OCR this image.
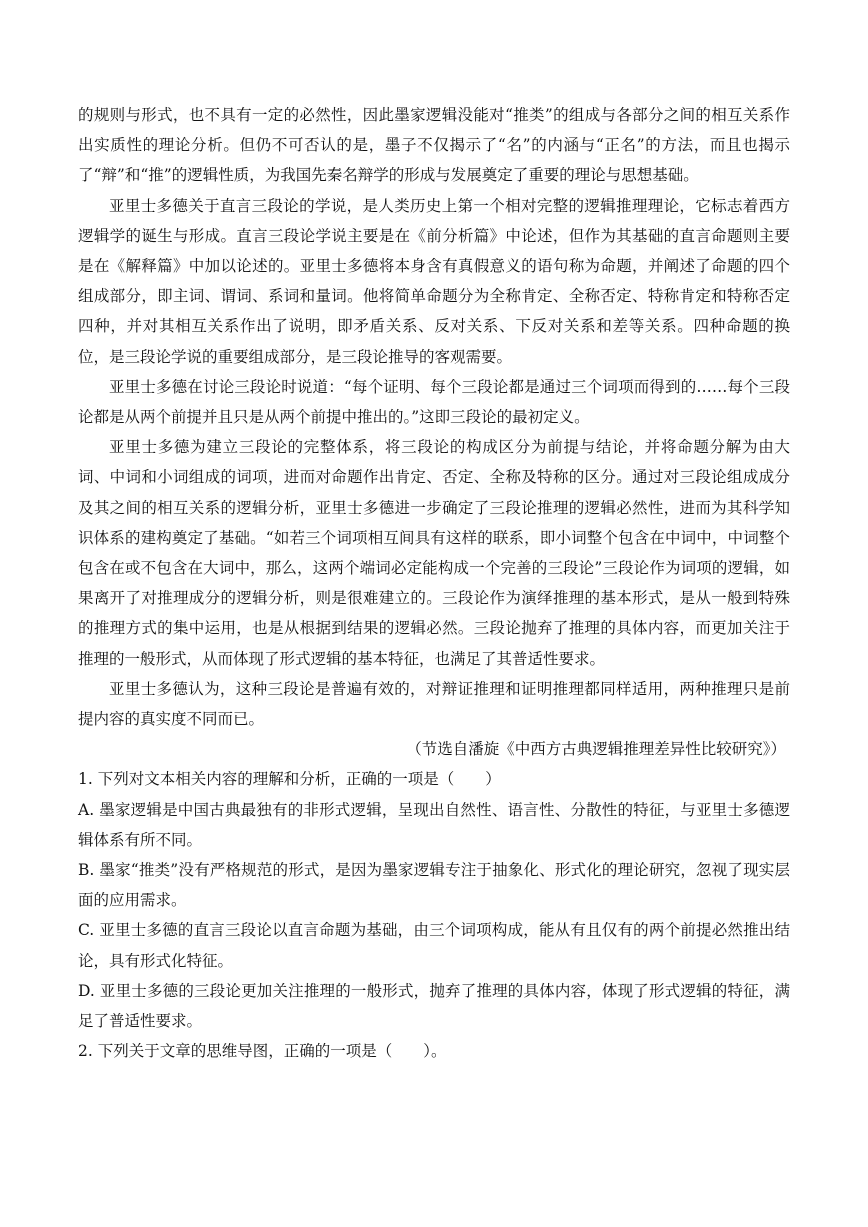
的规则与形式，也不具有一定的必然性，因此墨家逻辑没能对“推类”的组成与各部分之间的相互关系作出实质性的理论分析。但仍不可否认的是，墨子不仅揭示了“名”的内涵与“正名”的方法，而且也揭示了“辩”和“推”的逻辑性质，为我国先秦名辩学的形成与发展奠定了重要的理论与思想基础。

亚里士多德关于直言三段论的学说，是人类历史上第一个相对完整的逻辑推理理论，它标志着西方逻辑学的诞生与形成。直言三段论学说主要是在《前分析篇》中论述，但作为其基础的直言命题则主要是在《解释篇》中加以论述的。亚里士多德将本身含有真假意义的语句称为命题，并阐述了命题的四个组成部分，即主词、谓词、系词和量词。他将简单命题分为全称肯定、全称否定、特称肯定和特称否定四种，并对其相互关系作出了说明，即矛盾关系、反对关系、下反对关系和差等关系。四种命题的换位，是三段论学说的重要组成部分，是三段论推导的客观需要。

亚里士多德在讨论三段论时说道：“每个证明、每个三段论都是通过三个词项而得到的……每个三段论都是从两个前提并且只是从两个前提中推出的。”这即三段论的最初定义。

亚里士多德为建立三段论的完整体系，将三段论的构成区分为前提与结论，并将命题分解为由大词、中词和小词组成的词项，进而对命题作出肯定、否定、全称及特称的区分。通过对三段论组成成分及其之间的相互关系的逻辑分析，亚里士多德进一步确定了三段论推理的逻辑必然性，进而为其科学知识体系的建构奠定了基础。“如若三个词项相互间具有这样的联系，即小词整个包含在中词中，中词整个包含在或不包含在大词中，那么，这两个端词必定能构成一个完善的三段论”三段论作为词项的逻辑，如果离开了对推理成分的逻辑分析，则是很难建立的。三段论作为演绎推理的基本形式，是从一般到特殊的推理方式的集中运用，也是从根据到结果的逻辑必然。三段论抛弃了推理的具体内容，而更加关注于推理的一般形式，从而体现了形式逻辑的基本特征，也满足了其普适性要求。

亚里士多德认为，这种三段论是普遍有效的，对辩证推理和证明推理都同样适用，两种推理只是前提内容的真实度不同而已。

（节选自潘旋《中西方古典逻辑推理差异性比较研究》）

1. 下列对文本相关内容的理解和分析，正确的一项是（　　）

A. 墨家逻辑是中国古典最独有的非形式逻辑，呈现出自然性、语言性、分散性的特征，与亚里士多德逻辑体系有所不同。

B. 墨家“推类”没有严格规范的形式，是因为墨家逻辑专注于抽象化、形式化的理论研究，忽视了现实层面的应用需求。

C. 亚里士多德的直言三段论以直言命题为基础，由三个词项构成，能从有且仅有的两个前提必然推出结论，具有形式化特征。

D. 亚里士多德的三段论更加关注推理的一般形式，抛弃了推理的具体内容，体现了形式逻辑的特征，满足了普适性要求。

2. 下列关于文章的思维导图，正确的一项是（　　）。
